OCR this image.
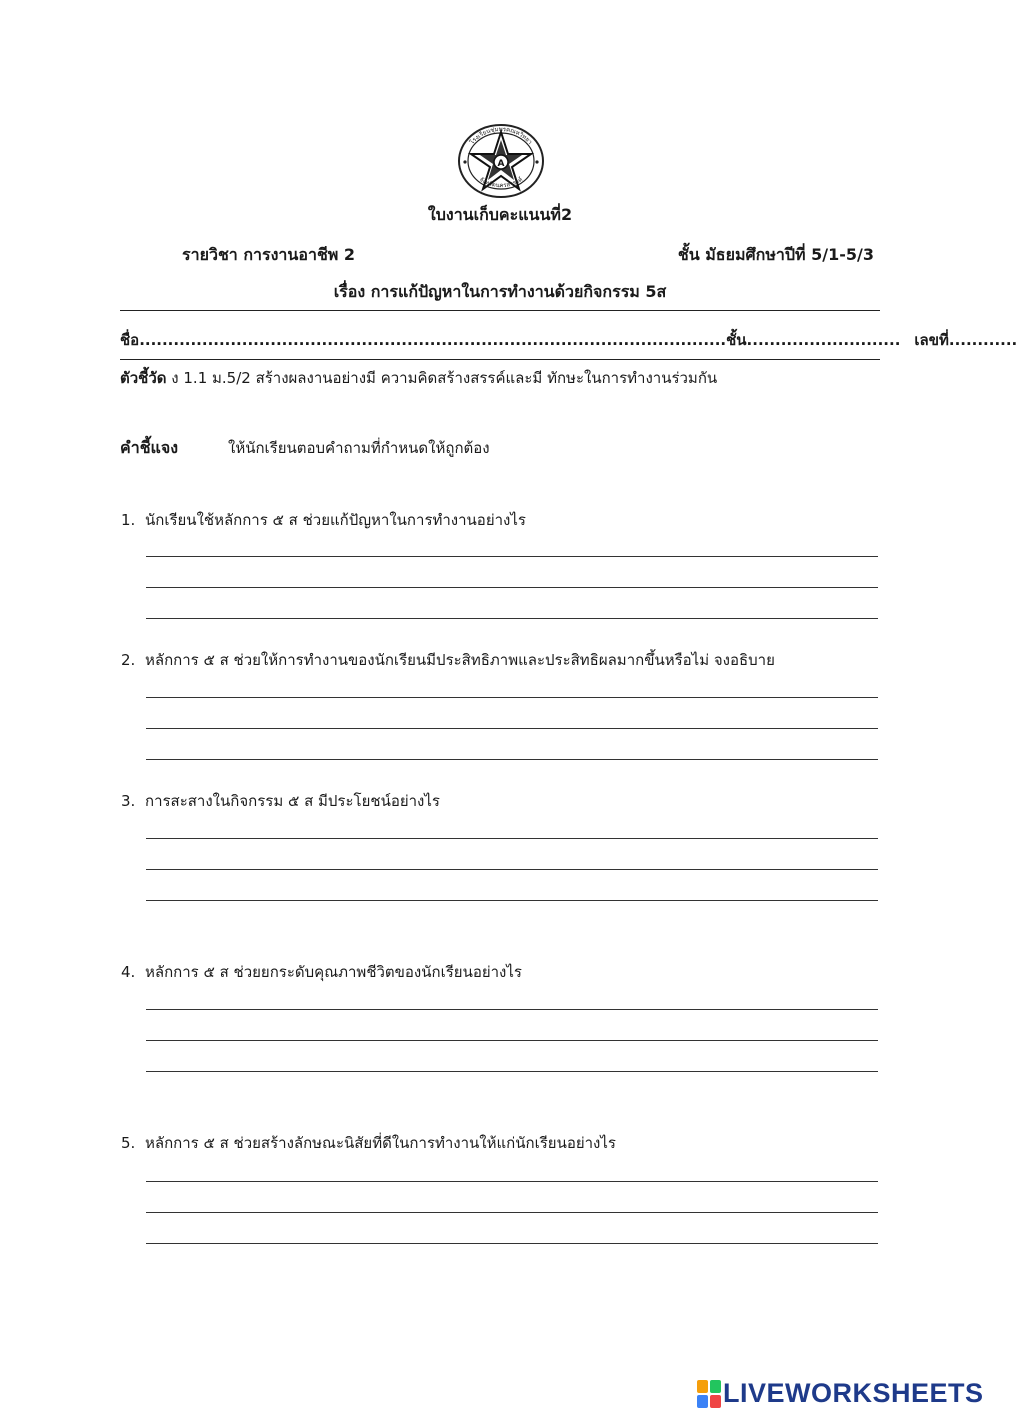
A
โรงเรียนชุ่มพรคณหวิทยา
จังหวัดนครสวรรค์
ใบงานเก็บคะแนนที่2
รายวิชา การงานอาชีพ 2	ชั้น มัธยมศึกษาปีที่ 5/1-5/3
เรื่อง การแก้ปัญหาในการทำงานด้วยกิจกรรม 5ส
ชื่อ....................................................................................................... ชั้น........................... เลขที่............
ตัวชี้วัด ง 1.1 ม.5/2 สร้างผลงานอย่างมี ความคิดสร้างสรรค์และมี ทักษะในการทำงานร่วมกัน
คำชี้แจง	ให้นักเรียนตอบคำถามที่กำหนดให้ถูกต้อง
1. นักเรียนใช้หลักการ ๕ ส ช่วยแก้ปัญหาในการทำงานอย่างไร
2. หลักการ ๕ ส ช่วยให้การทำงานของนักเรียนมีประสิทธิภาพและประสิทธิผลมากขึ้นหรือไม่ จงอธิบาย
3. การสะสางในกิจกรรม ๕ ส มีประโยชน์อย่างไร
4. หลักการ ๕ ส ช่วยยกระดับคุณภาพชีวิตของนักเรียนอย่างไร
5. หลักการ ๕ ส ช่วยสร้างลักษณะนิสัยที่ดีในการทำงานให้แก่นักเรียนอย่างไร
LIVEWORKSHEETS
